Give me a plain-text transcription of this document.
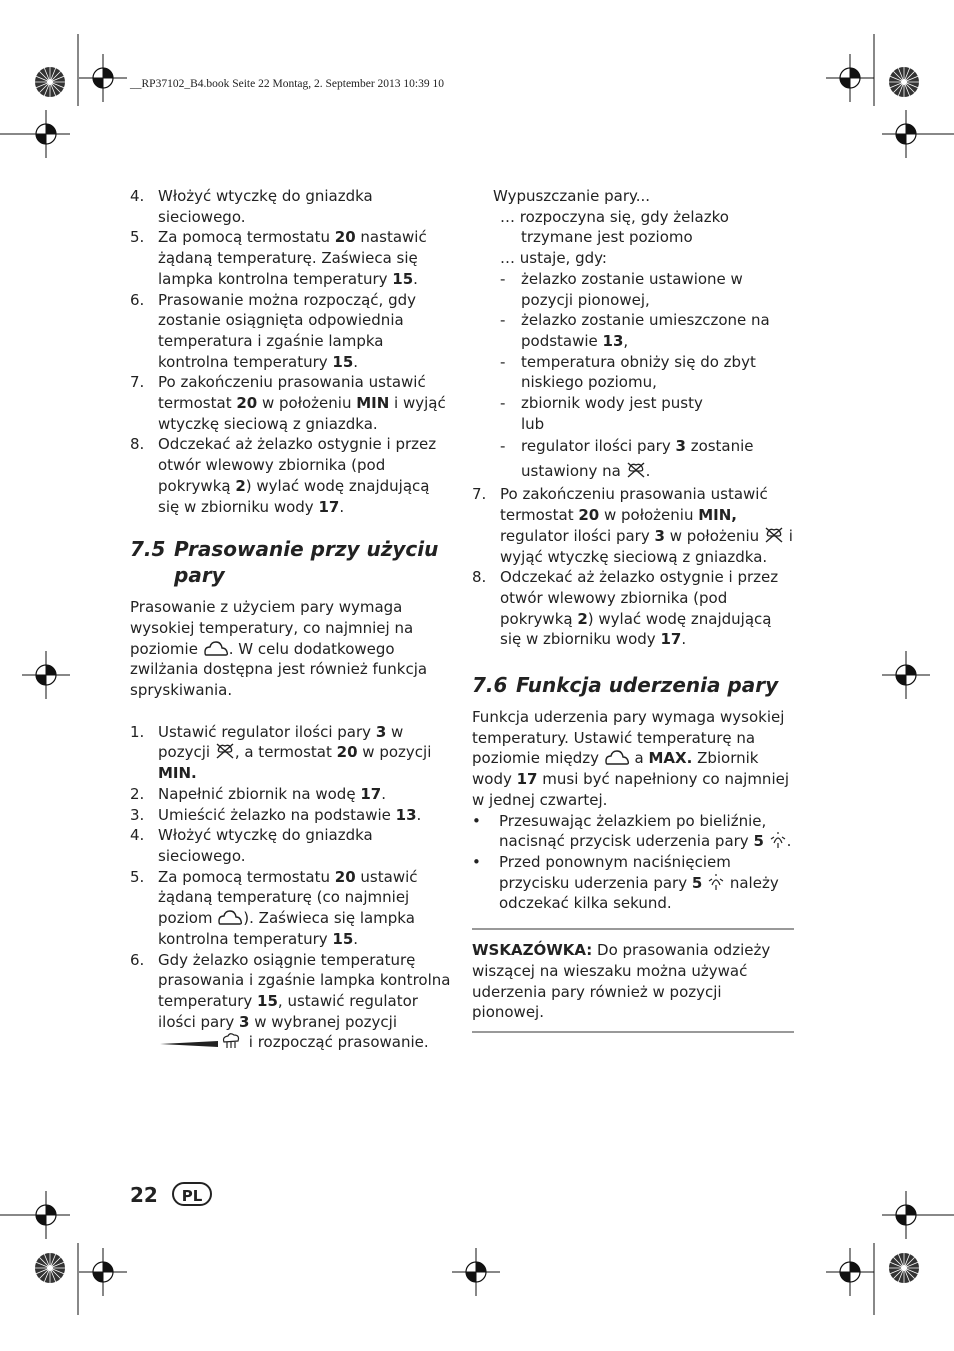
__RP37102_B4.book Seite 22 Montag, 2. September 2013 10:39 10
4. Włożyć wtyczkę do gniazdka sieciowego.
5. Za pomocą termostatu 20 nastawić żądaną temperaturę. Zaświeca się lampka kontrolna temperatury 15.
6. Prasowanie można rozpocząć, gdy zostanie osiągnięta odpowiednia temperatura i zgaśnie lampka kontrolna temperatury 15.
7. Po zakończeniu prasowania ustawić termostat 20 w położeniu MIN i wyjąć wtyczkę sieciową z gniazdka.
8. Odczekać aż żelazko ostygnie i przez otwór wlewowy zbiornika (pod pokrywką 2) wylać wodę znajdującą się w zbiorniku wody 17.
7.5 Prasowanie przy użyciu pary
Prasowanie z użyciem pary wymaga wysokiej temperatury, co najmniej na poziomie . W celu dodatkowego zwilżania dostępna jest również funkcja spryskiwania.
1. Ustawić regulator ilości pary 3 w pozycji , a termostat 20 w pozycji MIN.
2. Napełnić zbiornik na wodę 17.
3. Umieścić żelazko na podstawie 13.
4. Włożyć wtyczkę do gniazdka sieciowego.
5. Za pomocą termostatu 20 ustawić żądaną temperaturę (co najmniej poziom ). Zaświeca się lampka kontrolna temperatury 15.
6. Gdy żelazko osiągnie temperaturę prasowania i zgaśnie lampka kontrolna temperatury 15, ustawić regulator ilości pary 3 w wybranej pozycji  i rozpocząć prasowanie.
Wypuszczanie pary...
… rozpoczyna się, gdy żelazko trzymane jest poziomo
… ustaje, gdy:
- żelazko zostanie ustawione w pozycji pionowej,
- żelazko zostanie umieszczone na podstawie 13,
- temperatura obniży się do zbyt niskiego poziomu,
- zbiornik wody jest pusty
lub
- regulator ilości pary 3 zostanie ustawiony na .
7. Po zakończeniu prasowania ustawić termostat 20 w położeniu MIN, regulator ilości pary 3 w położeniu  i wyjąć wtyczkę sieciową z gniazdka.
8. Odczekać aż żelazko ostygnie i przez otwór wlewowy zbiornika (pod pokrywką 2) wylać wodę znajdującą się w zbiorniku wody 17.
7.6 Funkcja uderzenia pary
Funkcja uderzenia pary wymaga wysokiej temperatury. Ustawić temperaturę na poziomie między  a MAX. Zbiornik wody 17 musi być napełniony co najmniej w jednej czwartej.
• Przesuwając żelazkiem po bieliźnie, nacisnąć przycisk uderzenia pary 5 .
• Przed ponownym naciśnięciem przycisku uderzenia pary 5  należy odczekać kilka sekund.
WSKAZÓWKA: Do prasowania odzieży wiszącej na wieszaku można używać uderzenia pary również w pozycji pionowej.
22	PL
